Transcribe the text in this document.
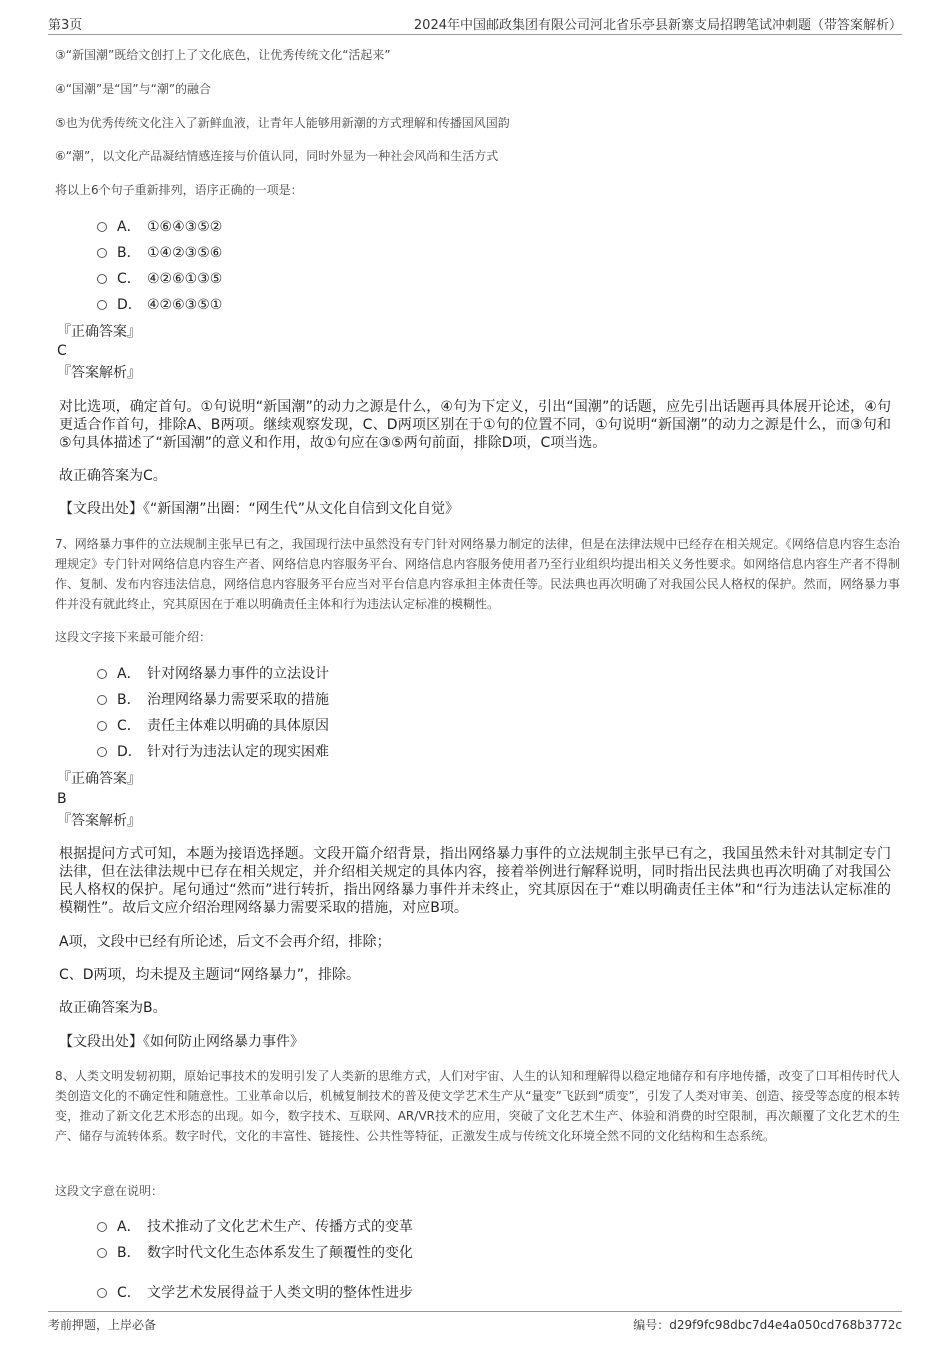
第3页	2024年中国邮政集团有限公司河北省乐亭县新寨支局招聘笔试冲刺题（带答案解析）
③“新国潮”既给文创打上了文化底色，让优秀传统文化“活起来”
④“国潮”是“国”与“潮”的融合
⑤也为优秀传统文化注入了新鲜血液，让青年人能够用新潮的方式理解和传播国风国韵
⑥“潮”，以文化产品凝结情感连接与价值认同，同时外显为一种社会风尚和生活方式
将以上6个句子重新排列，语序正确的一项是：
A． ①⑥④③⑤②
B． ①④②③⑤⑥
C． ④②⑥①③⑤
D． ④②⑥③⑤①
『正确答案』
C
『答案解析』
对比选项，确定首句。①句说明“新国潮”的动力之源是什么，④句为下定义，引出“国潮”的话题，应先引出话题再具体展开论述，④句更适合作首句，排除A、B两项。继续观察发现，C、D两项区别在于①句的位置不同，①句说明“新国潮”的动力之源是什么，而③句和⑤句具体描述了“新国潮”的意义和作用，故①句应在③⑤两句前面，排除D项，C项当选。
故正确答案为C。
【文段出处】《“新国潮”出圈：“网生代”从文化自信到文化自觉》
7、网络暴力事件的立法规制主张早已有之，我国现行法中虽然没有专门针对网络暴力制定的法律，但是在法律法规中已经存在相关规定。《网络信息内容生态治理规定》专门针对网络信息内容生产者、网络信息内容服务平台、网络信息内容服务使用者乃至行业组织均提出相关义务性要求。如网络信息内容生产者不得制作、复制、发布内容违法信息，网络信息内容服务平台应当对平台信息内容承担主体责任等。民法典也再次明确了对我国公民人格权的保护。然而，网络暴力事件并没有就此终止，究其原因在于难以明确责任主体和行为违法认定标准的模糊性。
这段文字接下来最可能介绍：
A． 针对网络暴力事件的立法设计
B． 治理网络暴力需要采取的措施
C． 责任主体难以明确的具体原因
D． 针对行为违法认定的现实困难
『正确答案』
B
『答案解析』
根据提问方式可知，本题为接语选择题。文段开篇介绍背景，指出网络暴力事件的立法规制主张早已有之，我国虽然未针对其制定专门法律，但在法律法规中已存在相关规定，并介绍相关规定的具体内容，接着举例进行解释说明，同时指出民法典也再次明确了对我国公民人格权的保护。尾句通过“然而”进行转折，指出网络暴力事件并未终止，究其原因在于“难以明确责任主体”和“行为违法认定标准的模糊性”。故后文应介绍治理网络暴力需要采取的措施，对应B项。
A项，文段中已经有所论述，后文不会再介绍，排除；
C、D两项，均未提及主题词“网络暴力”，排除。
故正确答案为B。
【文段出处】《如何防止网络暴力事件》
8、人类文明发轫初期，原始记事技术的发明引发了人类新的思维方式，人们对宇宙、人生的认知和理解得以稳定地储存和有序地传播，改变了口耳相传时代人类创造文化的不确定性和随意性。工业革命以后，机械复制技术的普及使文学艺术生产从“量变”飞跃到“质变”，引发了人类对审美、创造、接受等态度的根本转变，推动了新文化艺术形态的出现。如今，数字技术、互联网、AR/VR技术的应用，突破了文化艺术生产、体验和消费的时空限制，再次颠覆了文化艺术的生产、储存与流转体系。数字时代，文化的丰富性、链接性、公共性等特征，正激发生成与传统文化环境全然不同的文化结构和生态系统。
这段文字意在说明：
A． 技术推动了文化艺术生产、传播方式的变革
B． 数字时代文化生态体系发生了颠覆性的变化
C． 文学艺术发展得益于人类文明的整体性进步
考前押题，上岸必备	编号：d29f9fc98dbc7d4e4a050cd768b3772c
